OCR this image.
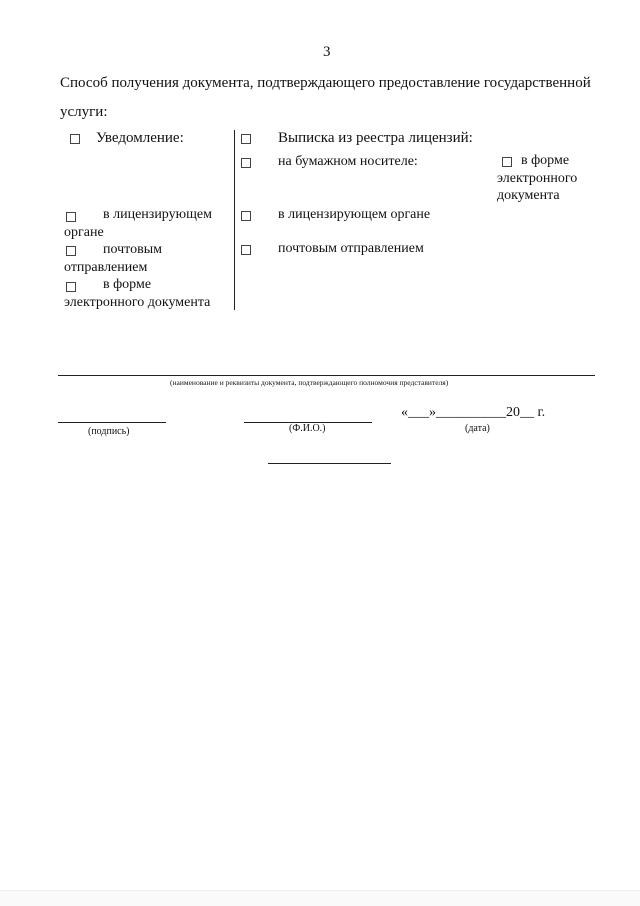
3
Способ получения документа, подтверждающего предоставление государственной
услуги:
Уведомление:
в лицензирующем
органе
почтовым
отправлением
в форме
электронного документа
Выписка из реестра лицензий:
на бумажном носителе:	в форме
электронного
документа
в лицензирующем органе
почтовым отправлением
(наименование и реквизиты документа, подтверждающего полномочия представителя)
(подпись)	(Ф.И.О.)
«___»__________20__ г.
(дата)
